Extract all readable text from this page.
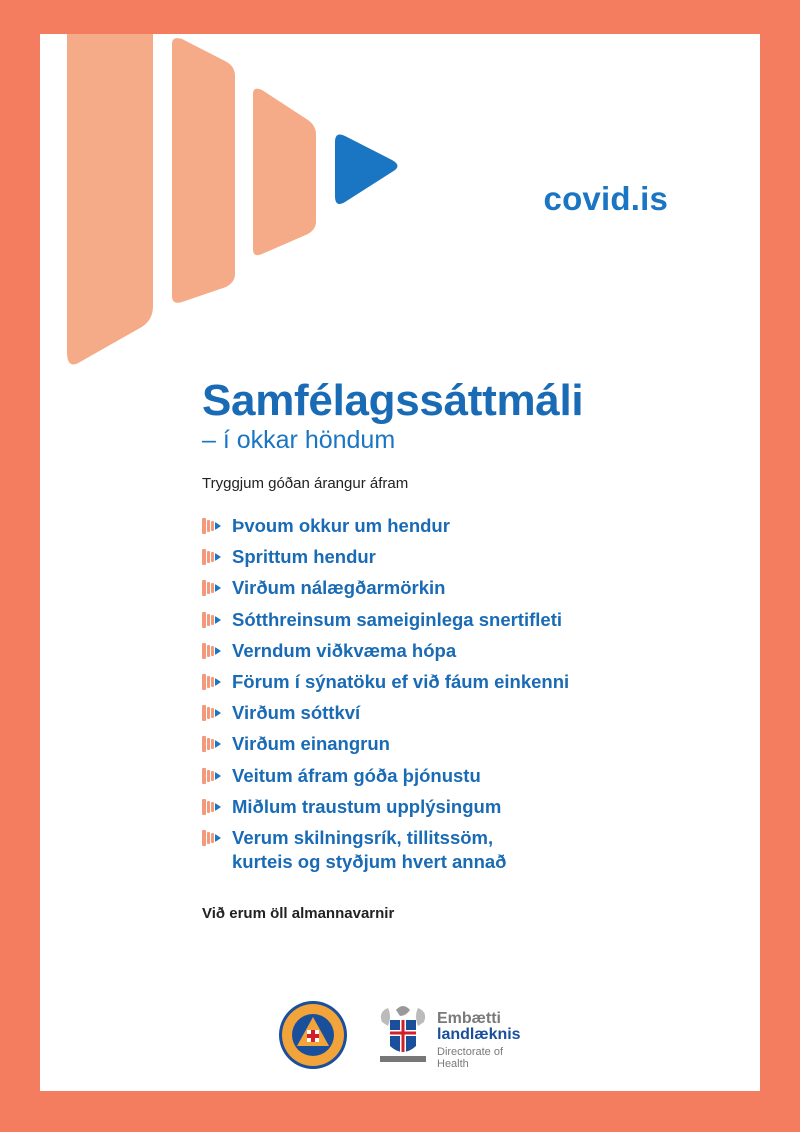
covid.is
Samfélagssáttmáli
– í okkar höndum
Tryggjum góðan árangur áfram
Þvoum okkur um hendur
Sprittum hendur
Virðum nálægðarmörkin
Sótthreinsum sameiginlega snertifleti
Verndum viðkvæma hópa
Förum í sýnatöku ef við fáum einkenni
Virðum sóttkví
Virðum einangrun
Veitum áfram góða þjónustu
Miðlum traustum upplýsingum
Verum skilningsrík, tillitssöm,
kurteis og styðjum hvert annað
Við erum öll almannavarnir
Embætti
landlæknis
Directorate of Health
